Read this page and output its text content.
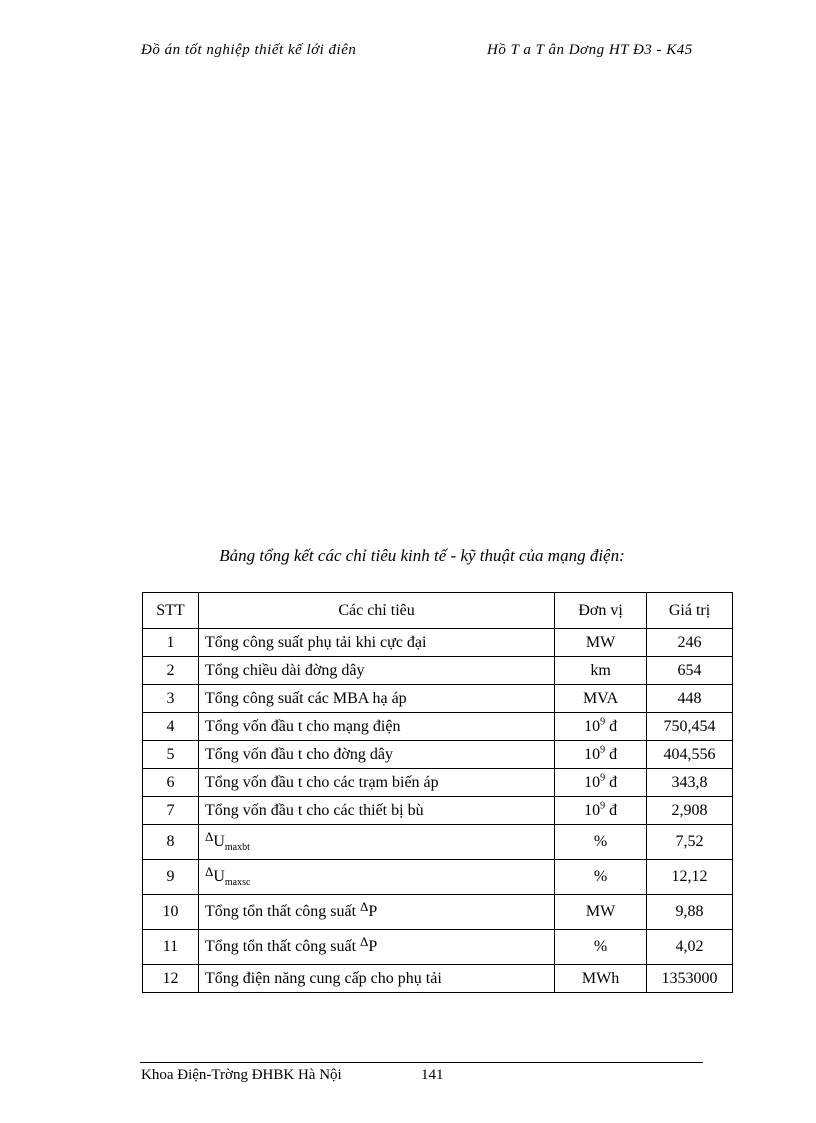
Đồ án tốt nghiệp thiết kế lới điên	Hồ T a T ân Dơng HT Đ3 - K45
Bảng tổng kết các chỉ tiêu kinh tế - kỹ thuật của mạng điện:
STT	Các chỉ tiêu	Đơn vị	Giá trị
1	Tổng công suất phụ tải khi cực đại	MW	246
2	Tổng chiều dài đờng dây	km	654
3	Tổng công suất các MBA hạ áp	MVA	448
4	Tổng vốn đầu t cho mạng điện	$10^9$ đ	750,454
5	Tổng vốn đầu t cho đờng dây	$10^9$ đ	404,556
6	Tổng vốn đầu t cho các trạm biến áp	$10^9$ đ	343,8
7	Tổng vốn đầu t cho các thiết bị bù	$10^9$ đ	2,908
8	$^\Delta U_{maxbt}$	%	7,52
9	$^\Delta U_{maxsc}$	%	12,12
10	Tổng tổn thất công suất $^\Delta$P	MW	9,88
11	Tổng tổn thất công suất $^\Delta$P	%	4,02
12	Tổng điện năng cung cấp cho phụ tải	MWh	1353000
Khoa Điện-Trờng ĐHBK Hà Nội	141
